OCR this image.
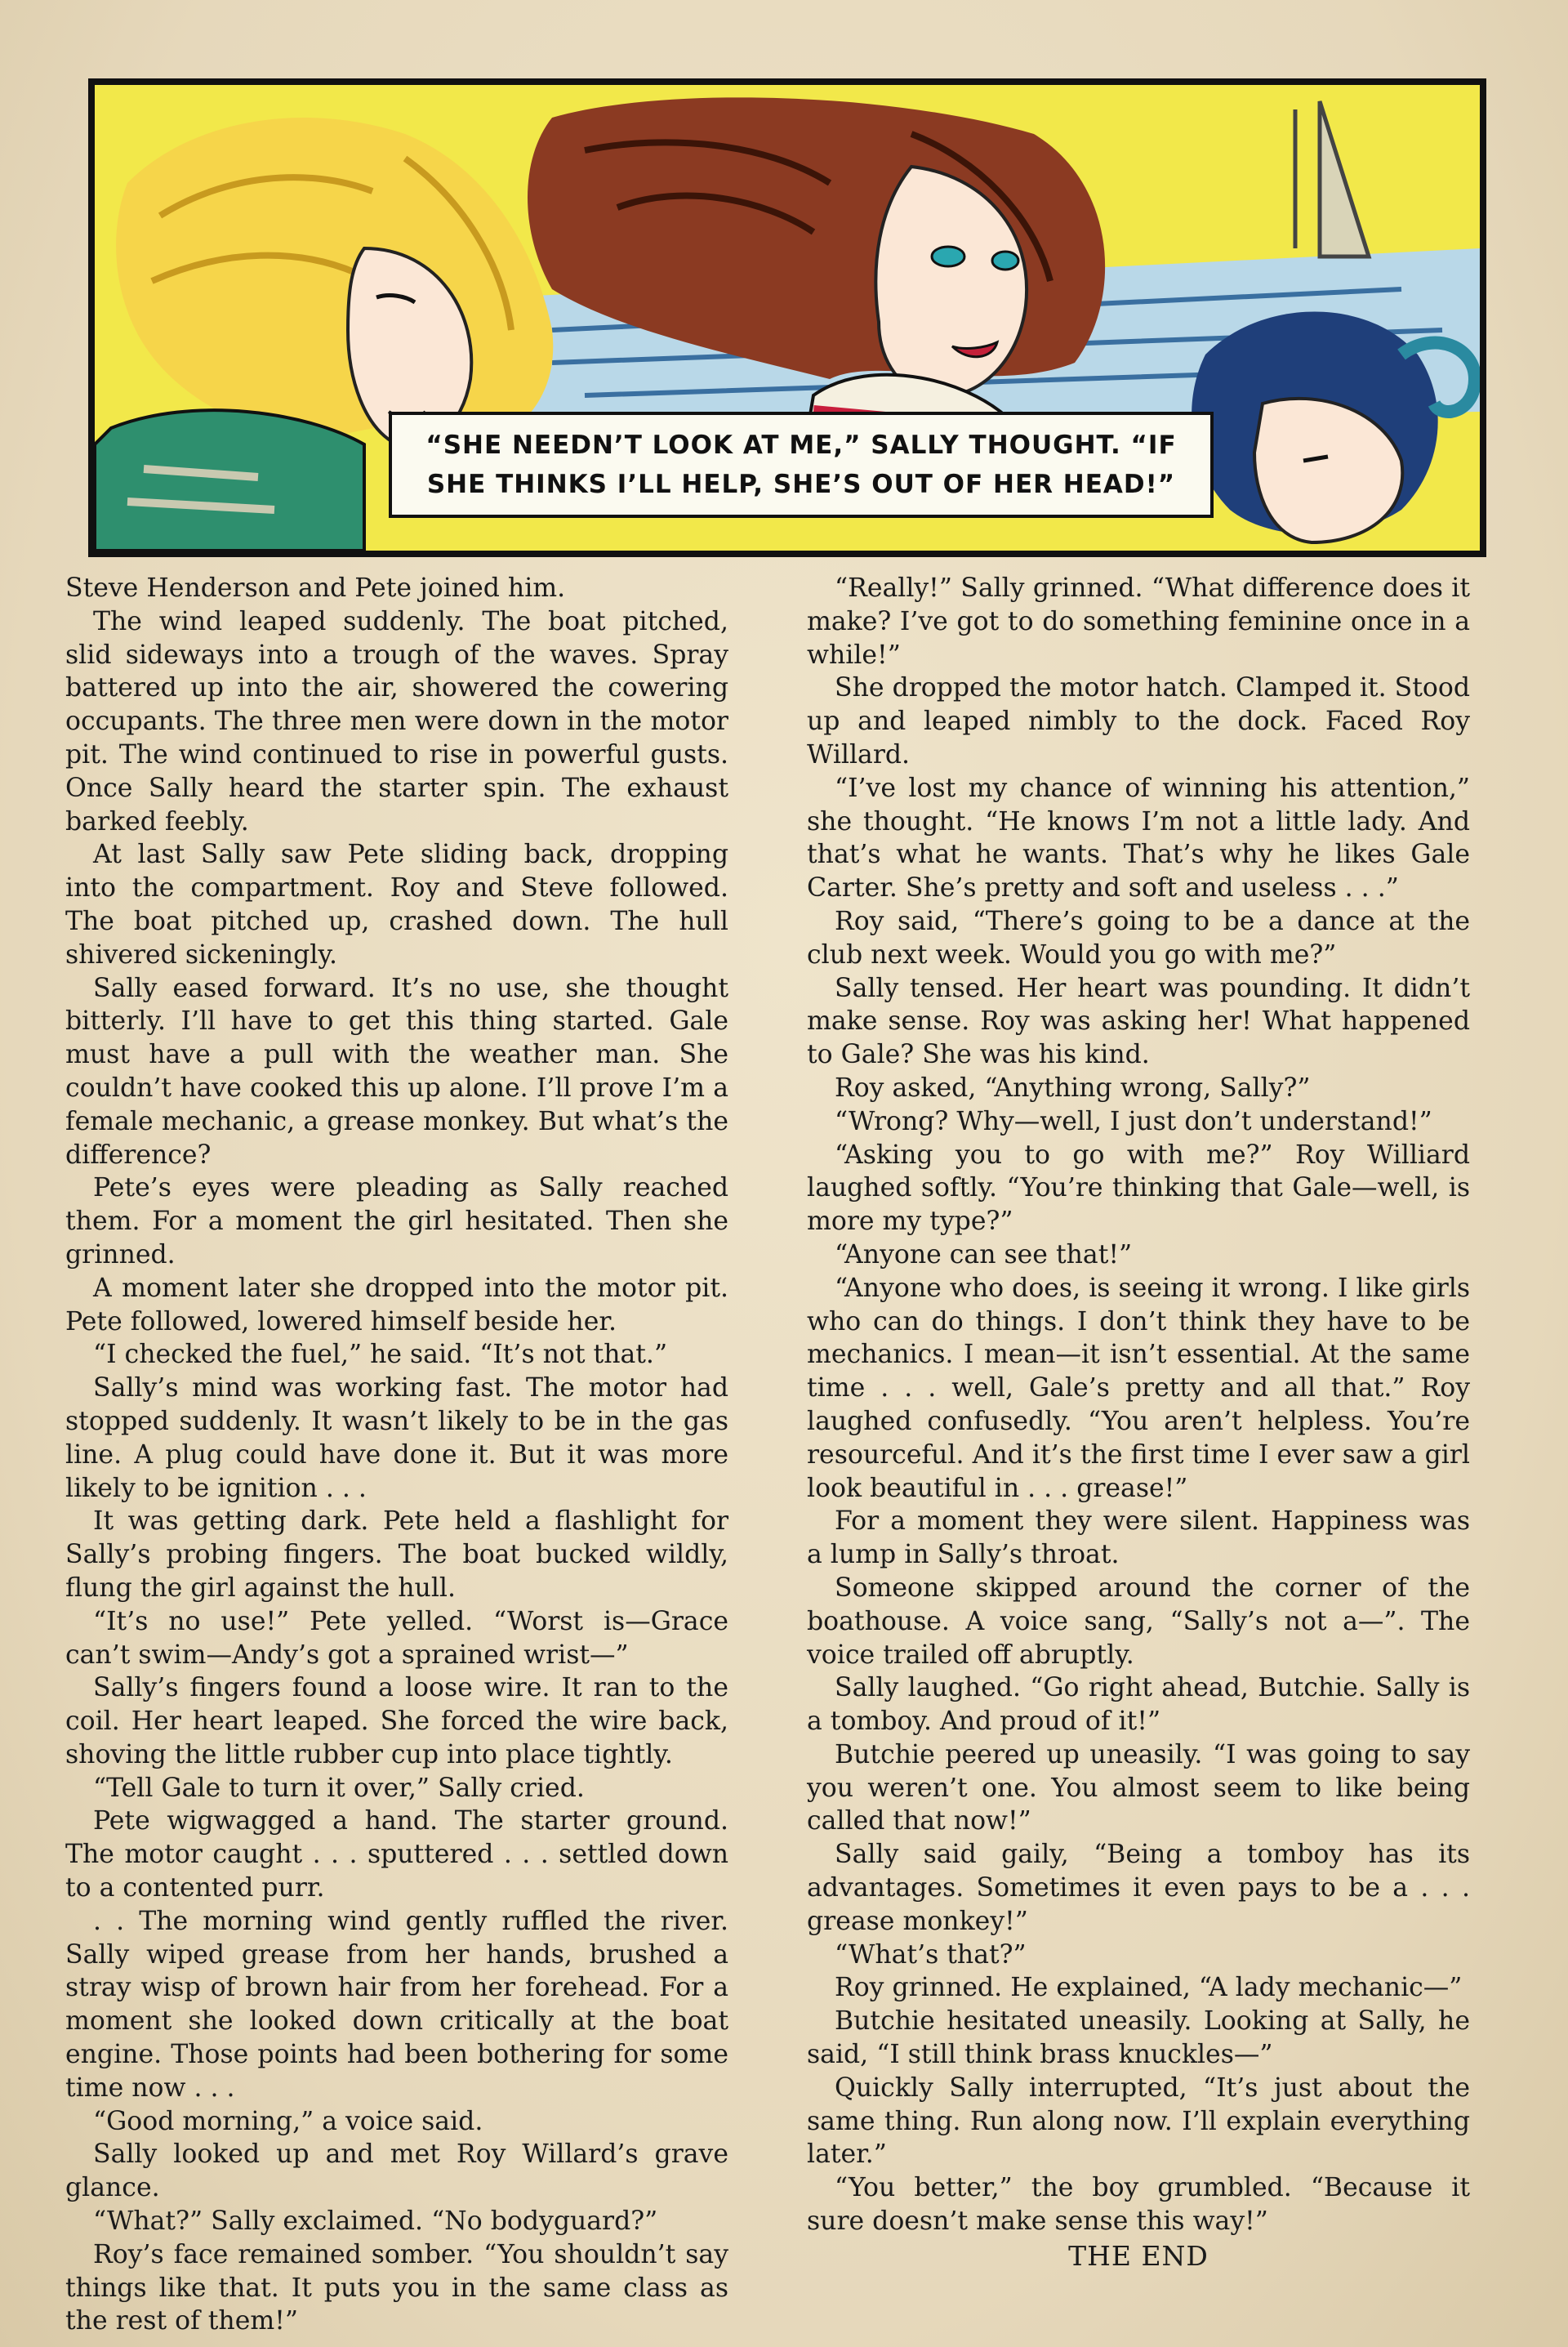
“SHE NEEDN’T LOOK AT ME,” SALLY THOUGHT. “IF SHE THINKS I’LL HELP, SHE’S OUT OF HER HEAD!”

Steve Henderson and Pete joined him.

The wind leaped suddenly. The boat pitched, slid sideways into a trough of the waves. Spray battered up into the air, showered the cowering occupants. The three men were down in the motor pit. The wind continued to rise in powerful gusts. Once Sally heard the starter spin. The exhaust barked feebly.

At last Sally saw Pete sliding back, dropping into the compartment. Roy and Steve followed. The boat pitched up, crashed down. The hull shivered sickeningly.

Sally eased forward. It’s no use, she thought bitterly. I’ll have to get this thing started. Gale must have a pull with the weather man. She couldn’t have cooked this up alone. I’ll prove I’m a female mechanic, a grease monkey. But what’s the difference?

Pete’s eyes were pleading as Sally reached them. For a moment the girl hesitated. Then she grinned.

A moment later she dropped into the motor pit. Pete followed, lowered himself beside her.

“I checked the fuel,” he said. “It’s not that.”

Sally’s mind was working fast. The motor had stopped suddenly. It wasn’t likely to be in the gas line. A plug could have done it. But it was more likely to be ignition . . .

It was getting dark. Pete held a flashlight for Sally’s probing fingers. The boat bucked wildly, flung the girl against the hull.

“It’s no use!” Pete yelled. “Worst is—Grace can’t swim—Andy’s got a sprained wrist—”

Sally’s fingers found a loose wire. It ran to the coil. Her heart leaped. She forced the wire back, shoving the little rubber cup into place tightly.

“Tell Gale to turn it over,” Sally cried.

Pete wigwagged a hand. The starter ground. The motor caught . . . sputtered . . . settled down to a contented purr.

. . The morning wind gently ruffled the river. Sally wiped grease from her hands, brushed a stray wisp of brown hair from her forehead. For a moment she looked down critically at the boat engine. Those points had been bothering for some time now . . .

“Good morning,” a voice said.

Sally looked up and met Roy Willard’s grave glance.

“What?” Sally exclaimed. “No bodyguard?”

Roy’s face remained somber. “You shouldn’t say things like that. It puts you in the same class as the rest of them!”

“Really!” Sally grinned. “What difference does it make? I’ve got to do something feminine once in a while!”

She dropped the motor hatch. Clamped it. Stood up and leaped nimbly to the dock. Faced Roy Willard.

“I’ve lost my chance of winning his attention,” she thought. “He knows I’m not a little lady. And that’s what he wants. That’s why he likes Gale Carter. She’s pretty and soft and useless . . .”

Roy said, “There’s going to be a dance at the club next week. Would you go with me?”

Sally tensed. Her heart was pounding. It didn’t make sense. Roy was asking her! What happened to Gale? She was his kind.

Roy asked, “Anything wrong, Sally?”

“Wrong? Why—well, I just don’t understand!”

“Asking you to go with me?” Roy Williard laughed softly. “You’re thinking that Gale—well, is more my type?”

“Anyone can see that!”

“Anyone who does, is seeing it wrong. I like girls who can do things. I don’t think they have to be mechanics. I mean—it isn’t essential. At the same time . . . well, Gale’s pretty and all that.” Roy laughed confusedly. “You aren’t helpless. You’re resourceful. And it’s the first time I ever saw a girl look beautiful in . . . grease!”

For a moment they were silent. Happiness was a lump in Sally’s throat.

Someone skipped around the corner of the boathouse. A voice sang, “Sally’s not a—”. The voice trailed off abruptly.

Sally laughed. “Go right ahead, Butchie. Sally is a tomboy. And proud of it!”

Butchie peered up uneasily. “I was going to say you weren’t one. You almost seem to like being called that now!”

Sally said gaily, “Being a tomboy has its advantages. Sometimes it even pays to be a . . . grease monkey!”

“What’s that?”

Roy grinned. He explained, “A lady mechanic—”

Butchie hesitated uneasily. Looking at Sally, he said, “I still think brass knuckles—”

Quickly Sally interrupted, “It’s just about the same thing. Run along now. I’ll explain everything later.”

“You better,” the boy grumbled. “Because it sure doesn’t make sense this way!”

THE END
